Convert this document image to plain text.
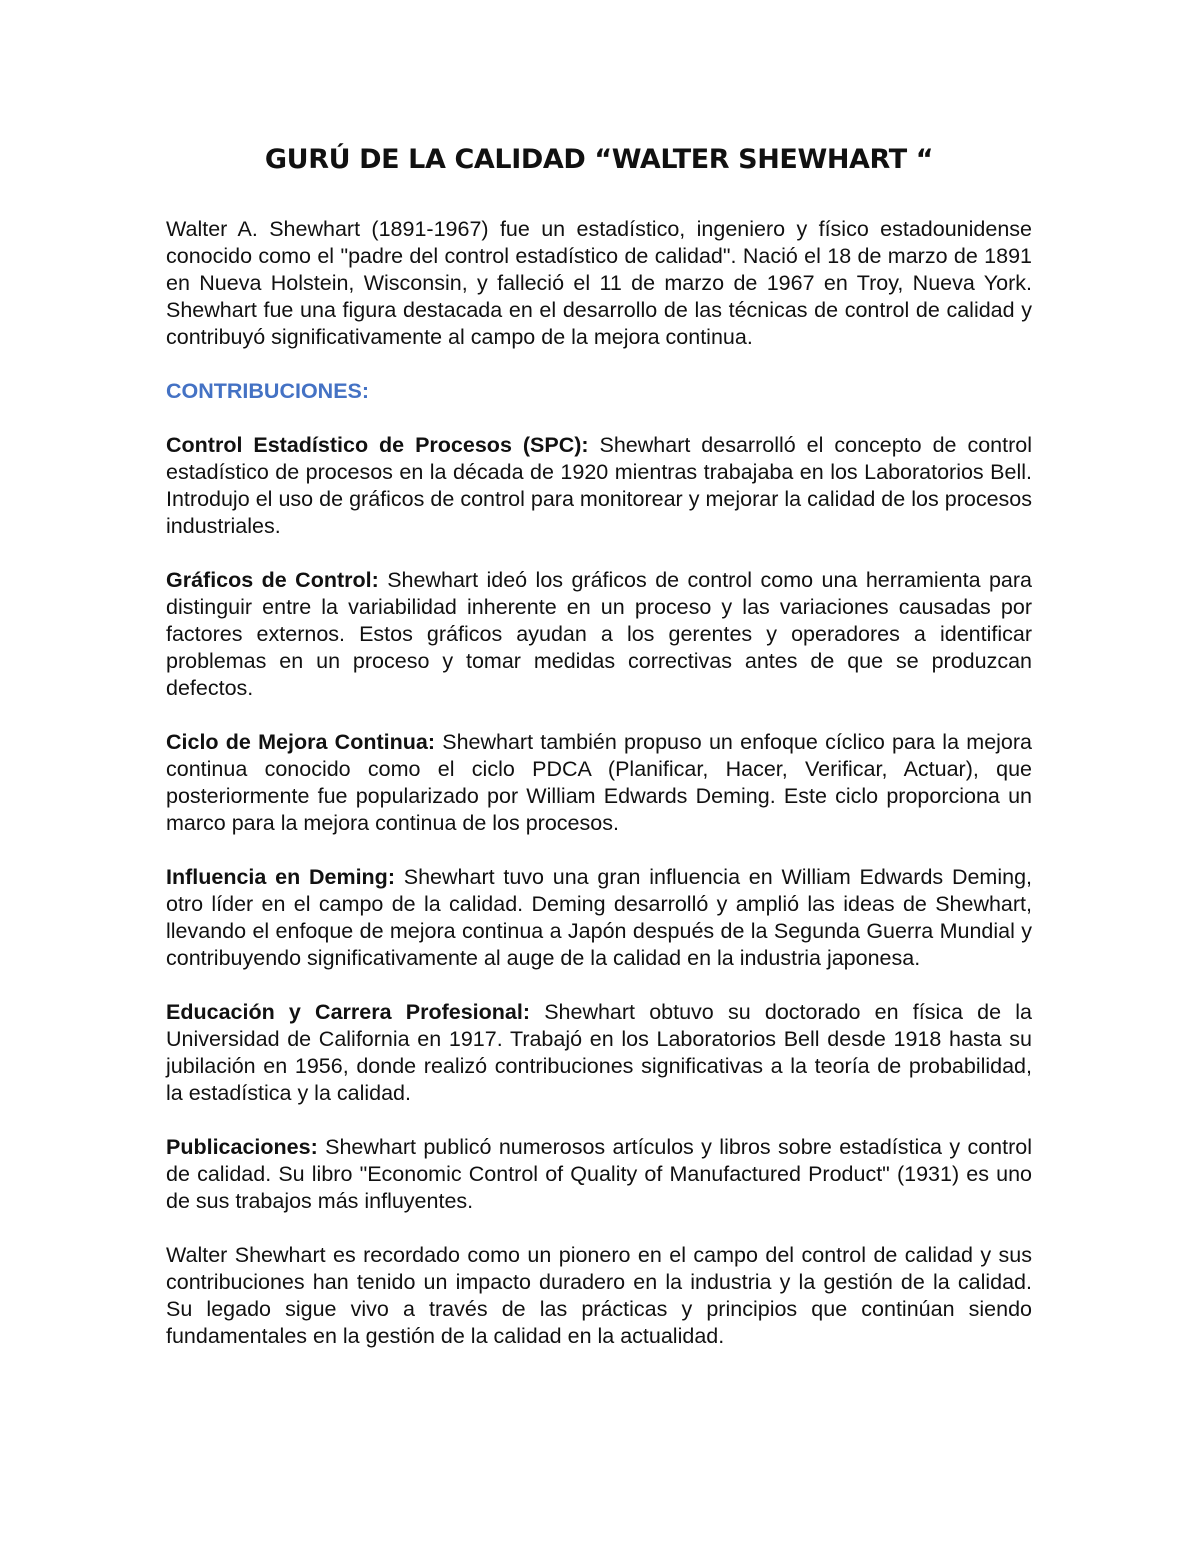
GURÚ DE LA CALIDAD “WALTER SHEWHART “

Walter A. Shewhart (1891-1967) fue un estadístico, ingeniero y físico estadounidense conocido como el "padre del control estadístico de calidad". Nació el 18 de marzo de 1891 en Nueva Holstein, Wisconsin, y falleció el 11 de marzo de 1967 en Troy, Nueva York. Shewhart fue una figura destacada en el desarrollo de las técnicas de control de calidad y contribuyó significativamente al campo de la mejora continua.

CONTRIBUCIONES:

Control Estadístico de Procesos (SPC): Shewhart desarrolló el concepto de control estadístico de procesos en la década de 1920 mientras trabajaba en los Laboratorios Bell. Introdujo el uso de gráficos de control para monitorear y mejorar la calidad de los procesos industriales.

Gráficos de Control: Shewhart ideó los gráficos de control como una herramienta para distinguir entre la variabilidad inherente en un proceso y las variaciones causadas por factores externos. Estos gráficos ayudan a los gerentes y operadores a identificar problemas en un proceso y tomar medidas correctivas antes de que se produzcan defectos.

Ciclo de Mejora Continua: Shewhart también propuso un enfoque cíclico para la mejora continua conocido como el ciclo PDCA (Planificar, Hacer, Verificar, Actuar), que posteriormente fue popularizado por William Edwards Deming. Este ciclo proporciona un marco para la mejora continua de los procesos.

Influencia en Deming: Shewhart tuvo una gran influencia en William Edwards Deming, otro líder en el campo de la calidad. Deming desarrolló y amplió las ideas de Shewhart, llevando el enfoque de mejora continua a Japón después de la Segunda Guerra Mundial y contribuyendo significativamente al auge de la calidad en la industria japonesa.

Educación y Carrera Profesional: Shewhart obtuvo su doctorado en física de la Universidad de California en 1917. Trabajó en los Laboratorios Bell desde 1918 hasta su jubilación en 1956, donde realizó contribuciones significativas a la teoría de probabilidad, la estadística y la calidad.

Publicaciones: Shewhart publicó numerosos artículos y libros sobre estadística y control de calidad. Su libro "Economic Control of Quality of Manufactured Product" (1931) es uno de sus trabajos más influyentes.

Walter Shewhart es recordado como un pionero en el campo del control de calidad y sus contribuciones han tenido un impacto duradero en la industria y la gestión de la calidad. Su legado sigue vivo a través de las prácticas y principios que continúan siendo fundamentales en la gestión de la calidad en la actualidad.
